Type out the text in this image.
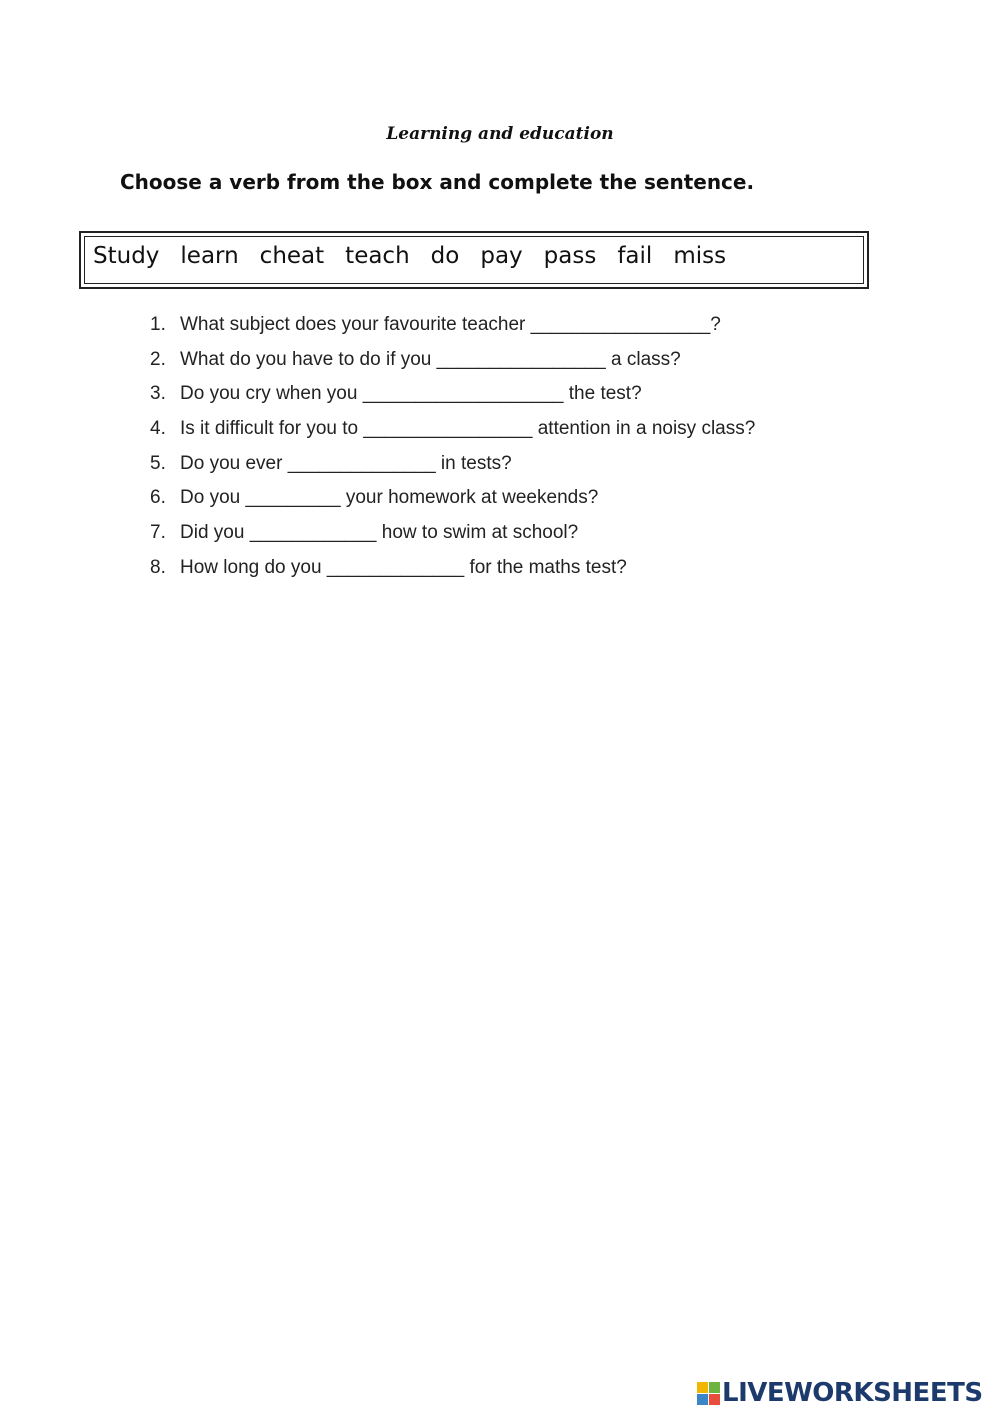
Learning and education
Choose a verb from the box and complete the sentence.
Study learn cheat teach do pay pass fail miss
1. What subject does your favourite teacher _________________?
2. What do you have to do if you ________________ a class?
3. Do you cry when you ___________________ the test?
4. Is it difficult for you to ________________ attention in a noisy class?
5. Do you ever ______________ in tests?
6. Do you _________ your homework at weekends?
7. Did you ____________ how to swim at school?
8. How long do you _____________ for the maths test?
LIVEWORKSHEETS
